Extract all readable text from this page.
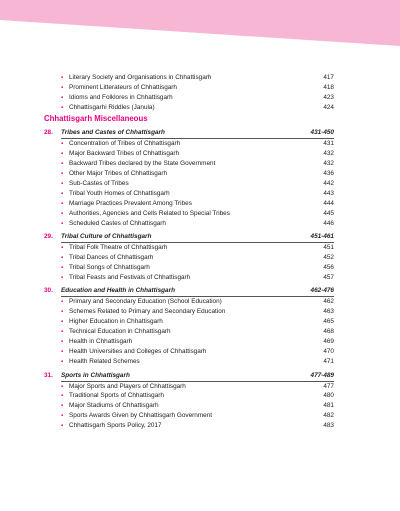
▪ Literary Society and Organisations in Chhattisgarh	417
▪ Prominent Litterateurs of Chhattisgarh	418
▪ Idioms and Folklores in Chhattisgarh	423
▪ Chhattisgarhi Riddles (Janula)	424
Chhattisgarh Miscellaneous
28. Tribes and Castes of Chhattisgarh	431-450
▪ Concentration of Tribes of Chhattisgarh	431
▪ Major Backward Tribes of Chhattisgarh	432
▪ Backward Tribes declared by the State Government	432
▪ Other Major Tribes of Chhattisgarh	436
▪ Sub-Castes of Tribes	442
▪ Tribal Youth Homes of Chhattisgarh	443
▪ Marriage Practices Prevalent Among Tribes	444
▪ Authorities, Agencies and Cells Related to Special Tribes	445
▪ Scheduled Castes of Chhattisgarh	446
29. Tribal Culture of Chhattisgarh	451-461
▪ Tribal Folk Theatre of Chhattisgarh	451
▪ Tribal Dances of Chhattisgarh	452
▪ Tribal Songs of Chhattisgarh	456
▪ Tribal Feasts and Festivals of Chhattisgarh	457
30. Education and Health in Chhattisgarh	462-476
▪ Primary and Secondary Education (School Education)	462
▪ Schemes Related to Primary and Secondary Education	463
▪ Higher Education in Chhattisgarh	465
▪ Technical Education in Chhattisgarh	468
▪ Health in Chhattisgarh	469
▪ Health Universities and Colleges of Chhattisgarh	470
▪ Health Related Schemes	471
31. Sports in Chhattisgarh	477-489
▪ Major Sports and Players of Chhattisgarh	477
▪ Traditional Sports of Chhattisgarh	480
▪ Major Stadiums of Chhattisgarh	481
▪ Sports Awards Given by Chhattisgarh Government	482
▪ Chhattisgarh Sports Policy, 2017	483
